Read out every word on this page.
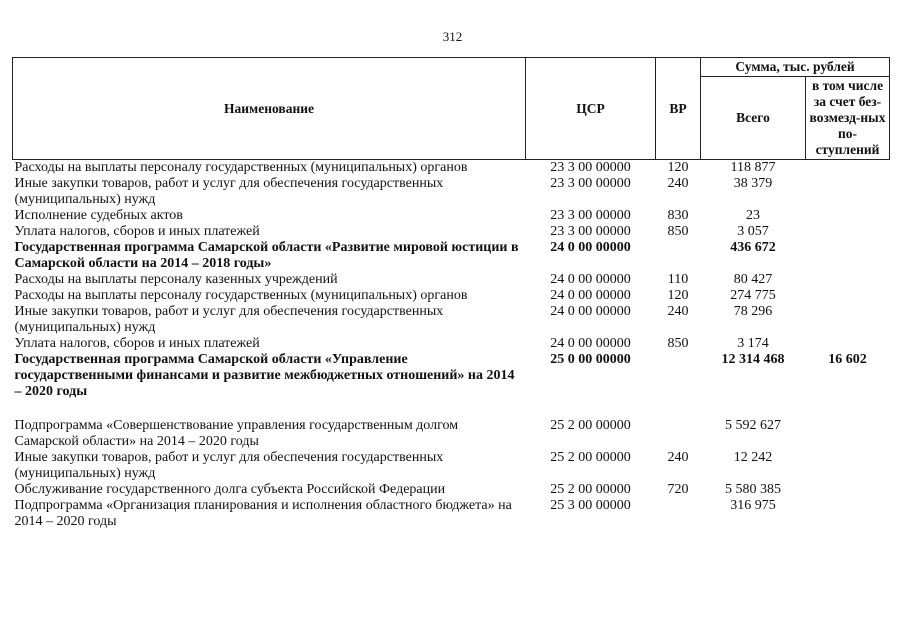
312
Наименование	ЦСР	ВР	Сумма, тыс. рублей	
			Всего	в том числе за счет без-возмезд-ных по-ступлений
Расходы на выплаты персоналу государственных (муниципальных) органов	23 3 00 00000	120	118 877	
Иные закупки товаров, работ и услуг для обеспечения государственных (муниципальных) нужд	23 3 00 00000	240	38 379	
Исполнение судебных актов	23 3 00 00000	830	23	
Уплата налогов, сборов и иных платежей	23 3 00 00000	850	3 057	
Государственная программа Самарской области «Развитие мировой юстиции в Самарской области на 2014 – 2018 годы»	24 0 00 00000		436 672	
Расходы на выплаты персоналу казенных учреждений	24 0 00 00000	110	80 427	
Расходы на выплаты персоналу государственных (муниципальных) органов	24 0 00 00000	120	274 775	
Иные закупки товаров, работ и услуг для обеспечения государственных (муниципальных) нужд	24 0 00 00000	240	78 296	
Уплата налогов, сборов и иных платежей	24 0 00 00000	850	3 174	
Государственная программа Самарской области «Управление государственными финансами и развитие межбюджетных отношений» на 2014 – 2020 годы	25 0 00 00000		12 314 468	16 602

Подпрограмма «Совершенствование управления государственным долгом Самарской области» на 2014 – 2020 годы	25 2 00 00000		5 592 627	
Иные закупки товаров, работ и услуг для обеспечения государственных (муниципальных) нужд	25 2 00 00000	240	12 242	
Обслуживание государственного долга субъекта Российской Федерации	25 2 00 00000	720	5 580 385	
Подпрограмма «Организация планирования и исполнения областного бюджета» на 2014 – 2020 годы	25 3 00 00000		316 975	
